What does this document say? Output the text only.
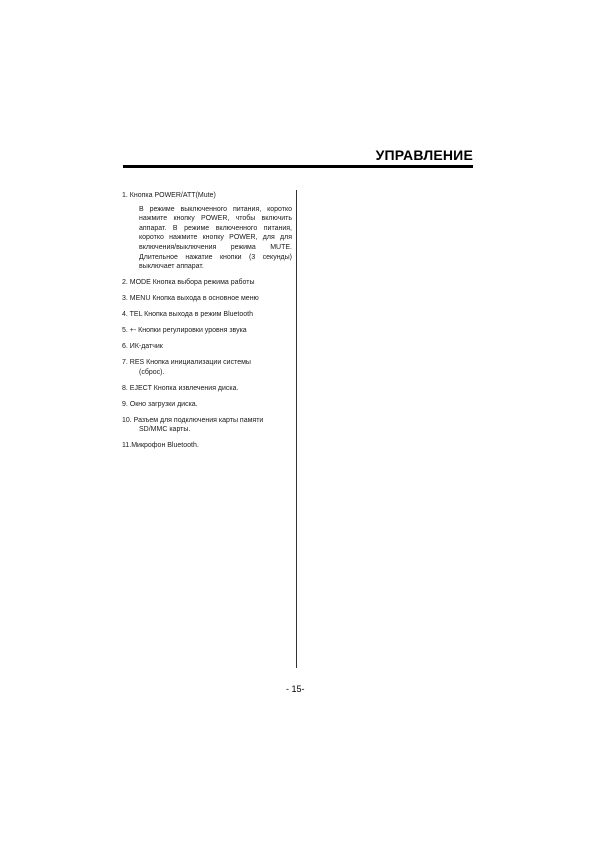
УПРАВЛЕНИЕ
1. Кнопка POWER/ATT(Mute)
В режиме выключенного питания, коротко нажмите кнопку POWER, чтобы включить аппарат. В режиме включенного питания, коротко нажмите кнопку POWER, для для включения/выключения режима MUTE. Длительное нажатие кнопки (3 секунды) выключает аппарат.
2. MODE Кнопка выбора режима работы
3. MENU Кнопка выхода в основное меню
4. TEL Кнопка выхода в режим Bluetooth
5. +- Кнопки регулировки уровня звука
6. ИК-датчик
7. RES Кнопка инициализации системы
(сброс).
8. EJECT Кнопка извлечения диска.
9. Окно загрузки диска.
10. Разъем для подключения карты памяти
SD/MMC карты.
11.Микрофон Bluetooth.
- 15-
